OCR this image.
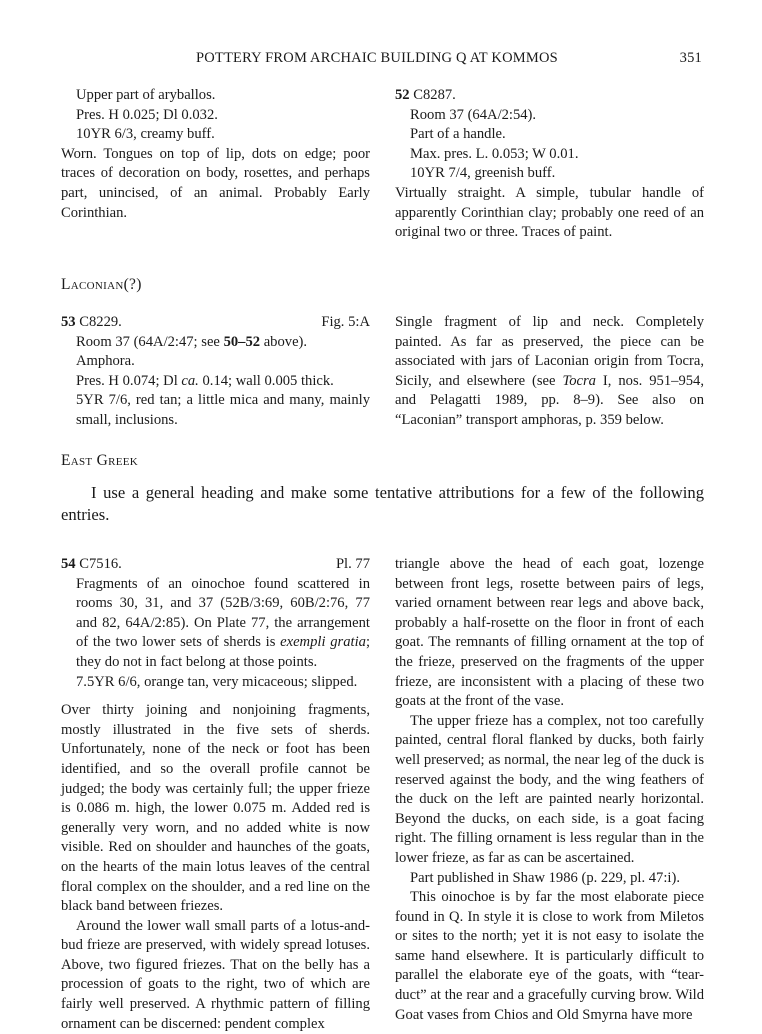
POTTERY FROM ARCHAIC BUILDING Q AT KOMMOS	351

Upper part of aryballos.

Pres. H 0.025; Dl 0.032.

10YR 6/3, creamy buff.

Worn. Tongues on top of lip, dots on edge; poor traces of decoration on body, rosettes, and perhaps part, unincised, of an animal. Probably Early Corinthian.

52 C8287.

Room 37 (64A/2:54).

Part of a handle.

Max. pres. L. 0.053; W 0.01.

10YR 7/4, greenish buff.

Virtually straight. A simple, tubular handle of apparently Corinthian clay; probably one reed of an original two or three. Traces of paint.

Laconian(?)
53 C8229.	Fig. 5:A

Room 37 (64A/2:47; see 50–52 above).

Amphora.

Pres. H 0.074; Dl ca. 0.14; wall 0.005 thick.

5YR 7/6, red tan; a little mica and many, mainly small, inclusions.

Single fragment of lip and neck. Completely painted. As far as preserved, the piece can be associated with jars of Laconian origin from Tocra, Sicily, and elsewhere (see Tocra I, nos. 951–954, and Pelagatti 1989, pp. 8–9). See also on “Laconian” transport amphoras, p. 359 below.

East Greek
I use a general heading and make some tentative attributions for a few of the following entries.
54 C7516.	Pl. 77

Fragments of an oinochoe found scattered in rooms 30, 31, and 37 (52B/3:69, 60B/2:76, 77 and 82, 64A/2:85). On Plate 77, the arrangement of the two lower sets of sherds is exempli gratia; they do not in fact belong at those points.

7.5YR 6/6, orange tan, very micaceous; slipped.

Over thirty joining and nonjoining fragments, mostly illustrated in the five sets of sherds. Unfortunately, none of the neck or foot has been identified, and so the overall profile cannot be judged; the body was certainly full; the upper frieze is 0.086 m. high, the lower 0.075 m. Added red is generally very worn, and no added white is now visible. Red on shoulder and haunches of the goats, on the hearts of the main lotus leaves of the central floral complex on the shoulder, and a red line on the black band between friezes.

Around the lower wall small parts of a lotus-and-bud frieze are preserved, with widely spread lotuses. Above, two figured friezes. That on the belly has a procession of goats to the right, two of which are fairly well preserved. A rhythmic pattern of filling ornament can be discerned: pendent complex

triangle above the head of each goat, lozenge between front legs, rosette between pairs of legs, varied ornament between rear legs and above back, probably a half-rosette on the floor in front of each goat. The remnants of filling ornament at the top of the frieze, preserved on the fragments of the upper frieze, are inconsistent with a placing of these two goats at the front of the vase.

The upper frieze has a complex, not too carefully painted, central floral flanked by ducks, both fairly well preserved; as normal, the near leg of the duck is reserved against the body, and the wing feathers of the duck on the left are painted nearly horizontal. Beyond the ducks, on each side, is a goat facing right. The filling ornament is less regular than in the lower frieze, as far as can be ascertained.

Part published in Shaw 1986 (p. 229, pl. 47:i).

This oinochoe is by far the most elaborate piece found in Q. In style it is close to work from Miletos or sites to the north; yet it is not easy to isolate the same hand elsewhere. It is particularly difficult to parallel the elaborate eye of the goats, with “tear-duct” at the rear and a gracefully curving brow. Wild Goat vases from Chios and Old Smyrna have more
